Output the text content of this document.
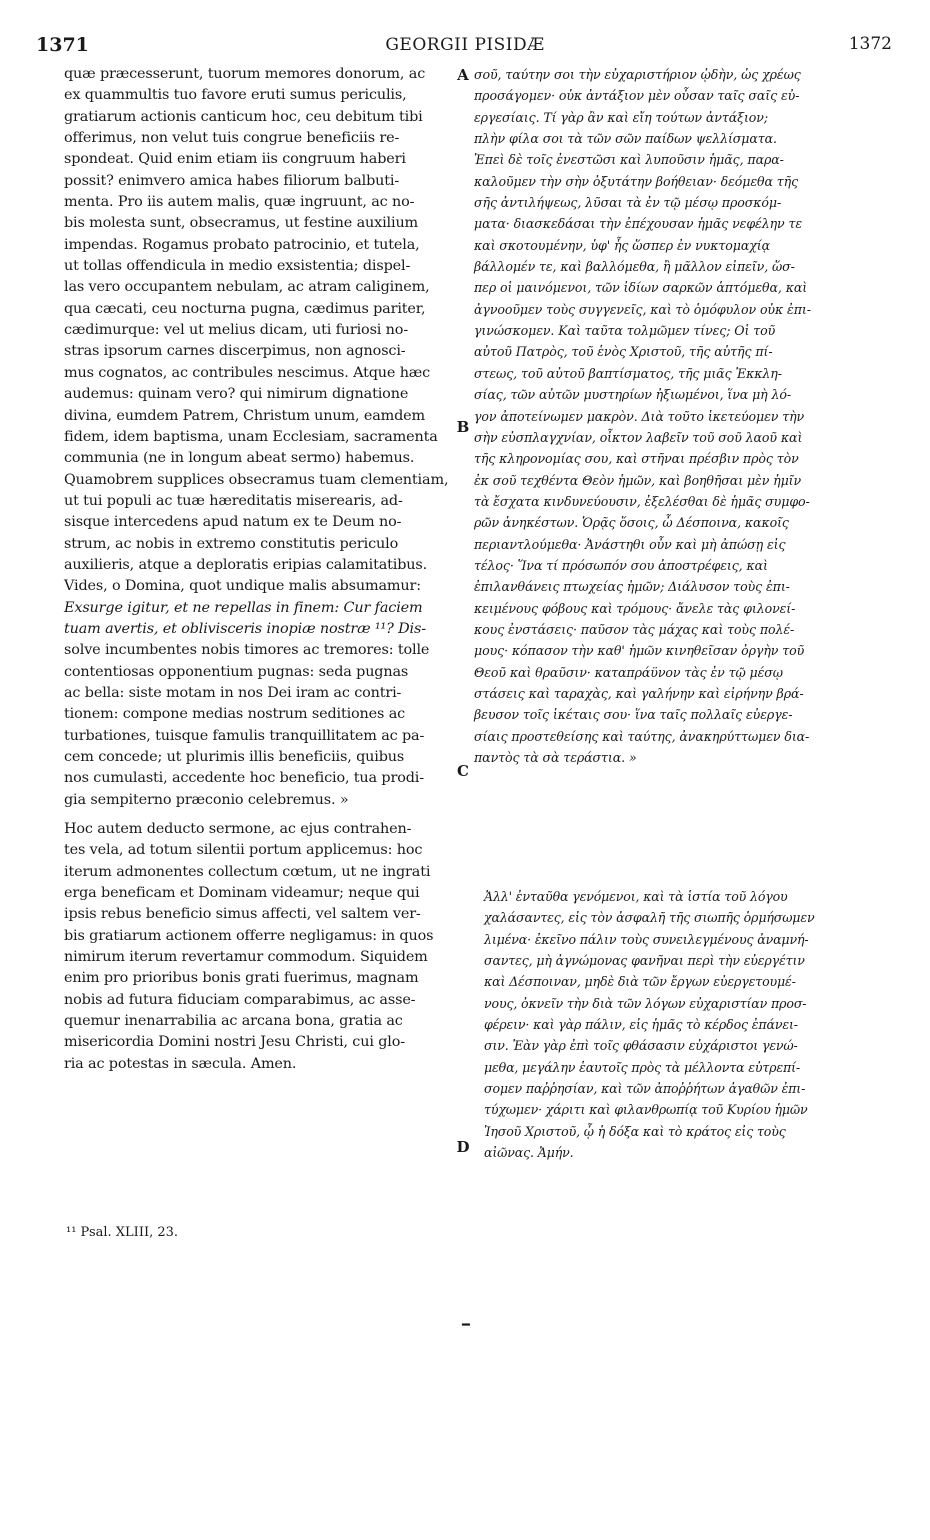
1371	GEORGII PISIDÆ	1372
quæ præcesserunt, tuorum memores donorum, ac
ex quammultis tuo favore eruti sumus periculis,
gratiarum actionis canticum hoc, ceu debitum tibi
offerimus, non velut tuis congrue beneficiis re-
spondeat. Quid enim etiam iis congruum haberi
possit? enimvero amica habes filiorum balbuti-
menta. Pro iis autem malis, quæ ingruunt, ac no-
bis molesta sunt, obsecramus, ut festine auxilium
impendas. Rogamus probato patrocinio, et tutela,
ut tollas offendicula in medio exsistentia; dispel-
las vero occupantem nebulam, ac atram caliginem,
qua cæcati, ceu nocturna pugna, cædimus pariter,
cædimurque: vel ut melius dicam, uti furiosi no-
stras ipsorum carnes discerpimus, non agnosci-
mus cognatos, ac contribules nescimus. Atque hæc
audemus: quinam vero? qui nimirum dignatione
divina, eumdem Patrem, Christum unum, eamdem
fidem, idem baptisma, unam Ecclesiam, sacramenta
communia (ne in longum abeat sermo) habemus.
Quamobrem supplices obsecramus tuam clementiam,
ut tui populi ac tuæ hæreditatis miserearis, ad-
sisque intercedens apud natum ex te Deum no-
strum, ac nobis in extremo constitutis periculo
auxilieris, atque a deploratis eripias calamitatibus.
Vides, o Domina, quot undique malis absumamur:
Exsurge igitur, et ne repellas in finem: Cur faciem
tuam avertis, et oblivisceris inopiæ nostræ ¹¹? Dis-
solve incumbentes nobis timores ac tremores: tolle
contentiosas opponentium pugnas: seda pugnas
ac bella: siste motam in nos Dei iram ac contri-
tionem: compone medias nostrum seditiones ac
turbationes, tuisque famulis tranquillitatem ac pa-
cem concede; ut plurimis illis beneficiis, quibus
nos cumulasti, accedente hoc beneficio, tua prodi-
gia sempiterno præconio celebremus. »
Hoc autem deducto sermone, ac ejus contrahen-
tes vela, ad totum silentii portum applicemus: hoc
iterum admonentes collectum cœtum, ut ne ingrati
erga beneficam et Dominam videamur; neque qui
ipsis rebus beneficio simus affecti, vel saltem ver-
bis gratiarum actionem offerre negligamus: in quos
nimirum iterum revertamur commodum. Siquidem
enim pro prioribus bonis grati fuerimus, magnam
nobis ad futura fiduciam comparabimus, ac asse-
quemur inenarrabilia ac arcana bona, gratia ac
misericordia Domini nostri Jesu Christi, cui glo-
ria ac potestas in sæcula. Amen.
σοῦ, ταύτην σοι τὴν εὐχαριστήριον ᾠδὴν, ὡς χρέως
προσάγομεν· οὐκ ἀντάξιον μὲν οὖσαν ταῖς σαῖς εὐ-
εργεσίαις. Τί γὰρ ἂν καὶ εἴη τούτων ἀντάξιον;
πλὴν φίλα σοι τὰ τῶν σῶν παίδων ψελλίσματα.
Ἐπεὶ δὲ τοῖς ἐνεστῶσι καὶ λυποῦσιν ἡμᾶς, παρα-
καλοῦμεν τὴν σὴν ὀξυτάτην βοήθειαν· δεόμεθα τῆς
σῆς ἀντιλήψεως, λῦσαι τὰ ἐν τῷ μέσῳ προσκόμ-
ματα· διασκεδάσαι τὴν ἐπέχουσαν ἡμᾶς νεφέλην τε
καὶ σκοτουμένην, ὑφ' ἧς ὥσπερ ἐν νυκτομαχίᾳ
βάλλομέν τε, καὶ βαλλόμεθα, ἢ μᾶλλον εἰπεῖν, ὥσ-
περ οἱ μαινόμενοι, τῶν ἰδίων σαρκῶν ἁπτόμεθα, καὶ
ἀγνοοῦμεν τοὺς συγγενεῖς, καὶ τὸ ὁμόφυλον οὐκ ἐπι-
γινώσκομεν. Καὶ ταῦτα τολμῶμεν τίνες; Οἱ τοῦ
αὐτοῦ Πατρὸς, τοῦ ἑνὸς Χριστοῦ, τῆς αὐτῆς πί-
στεως, τοῦ αὐτοῦ βαπτίσματος, τῆς μιᾶς Ἐκκλη-
σίας, τῶν αὐτῶν μυστηρίων ἠξιωμένοι, ἵνα μὴ λό-
γον ἀποτείνωμεν μακρὸν. Διὰ τοῦτο ἱκετεύομεν τὴν
σὴν εὐσπλαγχνίαν, οἶκτον λαβεῖν τοῦ σοῦ λαοῦ καὶ
τῆς κληρονομίας σου, καὶ στῆναι πρέσβιν πρὸς τὸν
ἐκ σοῦ τεχθέντα Θεὸν ἡμῶν, καὶ βοηθῆσαι μὲν ἡμῖν
τὰ ἔσχατα κινδυνεύουσιν, ἐξελέσθαι δὲ ἡμᾶς συμφο-
ρῶν ἀνηκέστων. Ὁρᾷς ὅσοις, ὦ Δέσποινα, κακοῖς
περιαντλούμεθα· Ἀνάστηθι οὖν καὶ μὴ ἀπώσῃ εἰς
τέλος· Ἵνα τί πρόσωπόν σου ἀποστρέφεις, καὶ
ἐπιλανθάνεις πτωχείας ἡμῶν; Διάλυσον τοὺς ἐπι-
κειμένους φόβους καὶ τρόμους· ἄνελε τὰς φιλονεί-
κους ἐνστάσεις· παῦσον τὰς μάχας καὶ τοὺς πολέ-
μους· κόπασον τὴν καθ' ἡμῶν κινηθεῖσαν ὀργὴν τοῦ
Θεοῦ καὶ θραῦσιν· καταπράϋνον τὰς ἐν τῷ μέσῳ
στάσεις καὶ ταραχὰς, καὶ γαλήνην καὶ εἰρήνην βρά-
βευσον τοῖς ἱκέταις σου· ἵνα ταῖς πολλαῖς εὐεργε-
σίαις προστεθείσης καὶ ταύτης, ἀνακηρύττωμεν δια-
παντὸς τὰ σὰ τεράστια. »
Ἀλλ' ἐνταῦθα γενόμενοι, καὶ τὰ ἱστία τοῦ λόγου
χαλάσαντες, εἰς τὸν ἀσφαλῆ τῆς σιωπῆς ὁρμήσωμεν
λιμένα· ἐκεῖνο πάλιν τοὺς συνειλεγμένους ἀναμνή-
σαντες, μὴ ἀγνώμονας φανῆναι περὶ τὴν εὐεργέτιν
καὶ Δέσποιναν, μηδὲ διὰ τῶν ἔργων εὐεργετουμέ-
νους, ὀκνεῖν τὴν διὰ τῶν λόγων εὐχαριστίαν προσ-
φέρειν· καὶ γὰρ πάλιν, εἰς ἡμᾶς τὸ κέρδος ἐπάνει-
σιν. Ἐὰν γὰρ ἐπὶ τοῖς φθάσασιν εὐχάριστοι γενώ-
μεθα, μεγάλην ἑαυτοῖς πρὸς τὰ μέλλοντα εὐτρεπί-
σομεν παῤῥησίαν, καὶ τῶν ἀποῤῥήτων ἀγαθῶν ἐπι-
τύχωμεν· χάριτι καὶ φιλανθρωπίᾳ τοῦ Κυρίου ἡμῶν
Ἰησοῦ Χριστοῦ, ᾧ ἡ δόξα καὶ τὸ κράτος εἰς τοὺς
αἰῶνας. Ἀμήν.
A
B
C
D
¹¹ Psal. XLIII, 23.
━
